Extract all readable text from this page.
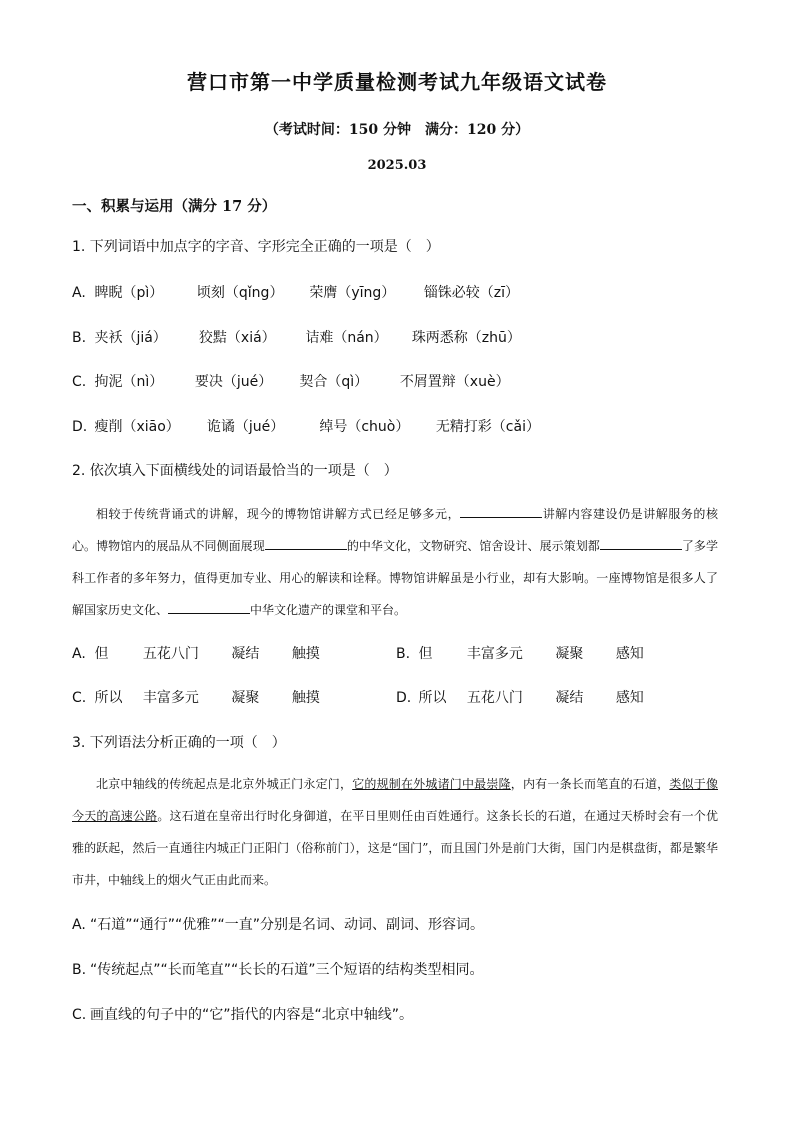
营口市第一中学质量检测考试九年级语文试卷
（考试时间：150 分钟　满分：120 分）
2025.03
一、积累与运用（满分 17 分）
1. 下列词语中加点字的字音、字形完全正确的一项是（　）
A. 睥睨（pì） 顷刻（qǐng） 荣膺（yīng） 锱铢必较（zī）
B. 夹袄（jiá） 狡黠（xiá） 诘难（nán） 珠两悉称（zhū）
C. 拘泥（nì） 要决（jué） 契合（qì） 不屑置辩（xuè）
D. 瘦削（xiāo） 诡谲（jué）	绰号（chuò） 无精打彩（cǎi）
2. 依次填入下面横线处的词语最恰当的一项是（　）

相较于传统背诵式的讲解，现今的博物馆讲解方式已经足够多元，	讲解内容建设仍是讲解服务的核心。博物馆内的展品从不同侧面展现	的中华文化，文物研究、馆舍设计、展示策划都	了多学科工作者的多年努力，值得更加专业、用心的解读和诠释。博物馆讲解虽是小行业，却有大影响。一座博物馆是很多人了解国家历史文化、	中华文化遗产的课堂和平台。

A. 但 五花八门 凝结 触摸	B. 但 丰富多元 凝聚 感知
C. 所以 丰富多元 凝聚 触摸	D. 所以 五花八门 凝结 感知
3. 下列语法分析正确的一项（　）

北京中轴线的传统起点是北京外城正门永定门，它的规制在外城诸门中最崇隆，内有一条长而笔直的石道，类似于像今天的高速公路。这石道在皇帝出行时化身御道，在平日里则任由百姓通行。这条长长的石道，在通过天桥时会有一个优雅的跃起，然后一直通往内城正门正阳门（俗称前门），这是“国门”，而且国门外是前门大街，国门内是棋盘街，都是繁华市井，中轴线上的烟火气正由此而来。

A. “石道”“通行”“优雅”“一直”分别是名词、动词、副词、形容词。
B. “传统起点”“长而笔直”“长长的石道”三个短语的结构类型相同。
C. 画直线的句子中的“它”指代的内容是“北京中轴线”。
